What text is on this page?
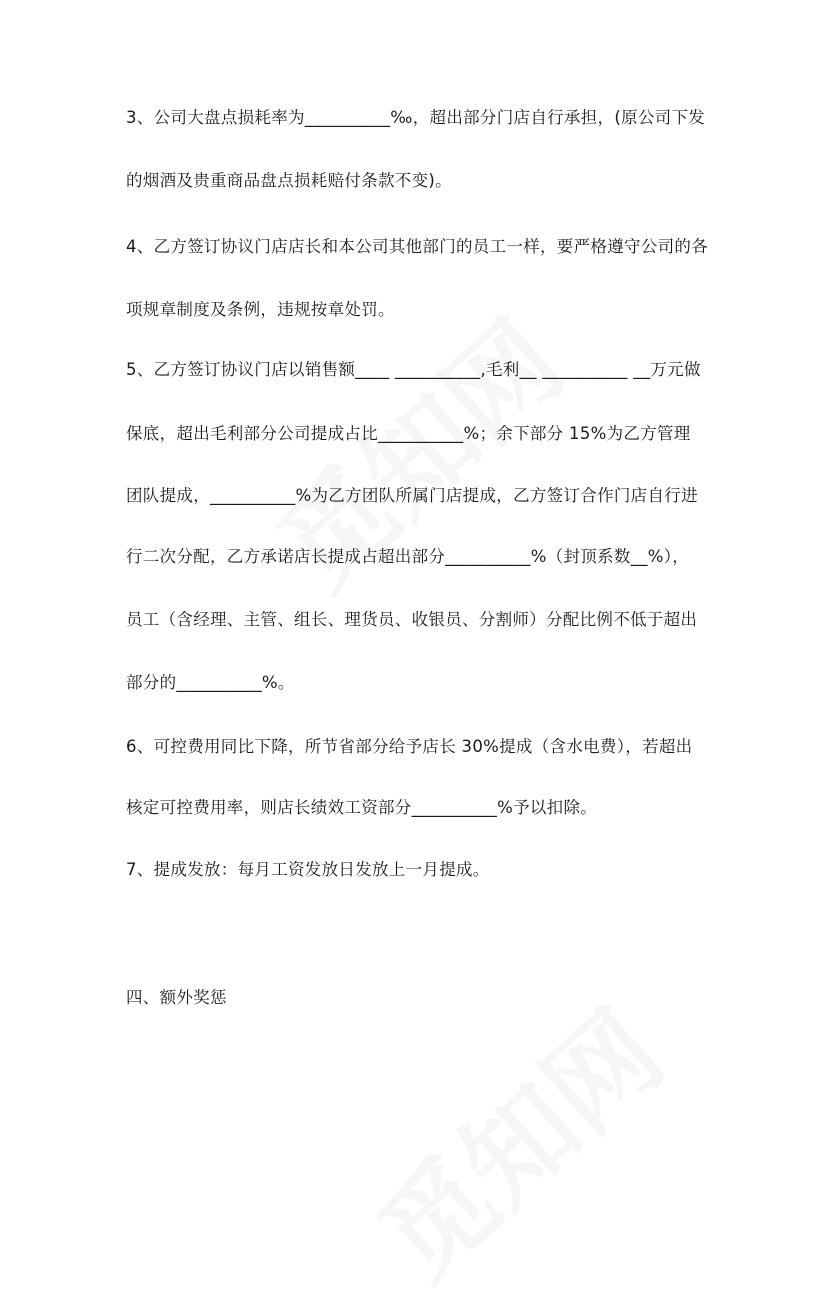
3、公司大盘点损耗率为__________‰，超出部分门店自行承担，(原公司下发
的烟酒及贵重商品盘点损耗赔付条款不变)。
4、乙方签订协议门店店长和本公司其他部门的员工一样，要严格遵守公司的各
项规章制度及条例，违规按章处罚。
5、乙方签订协议门店以销售额____ __________,毛利__ __________ __万元做
保底，超出毛利部分公司提成占比__________%；余下部分 15%为乙方管理
团队提成，__________%为乙方团队所属门店提成，乙方签订合作门店自行进
行二次分配，乙方承诺店长提成占超出部分__________%（封顶系数__%），
员工（含经理、主管、组长、理货员、收银员、分割师）分配比例不低于超出
部分的__________%。
6、可控费用同比下降，所节省部分给予店长 30%提成（含水电费），若超出
核定可控费用率，则店长绩效工资部分__________%予以扣除。
7、提成发放：每月工资发放日发放上一月提成。
四、额外奖惩
